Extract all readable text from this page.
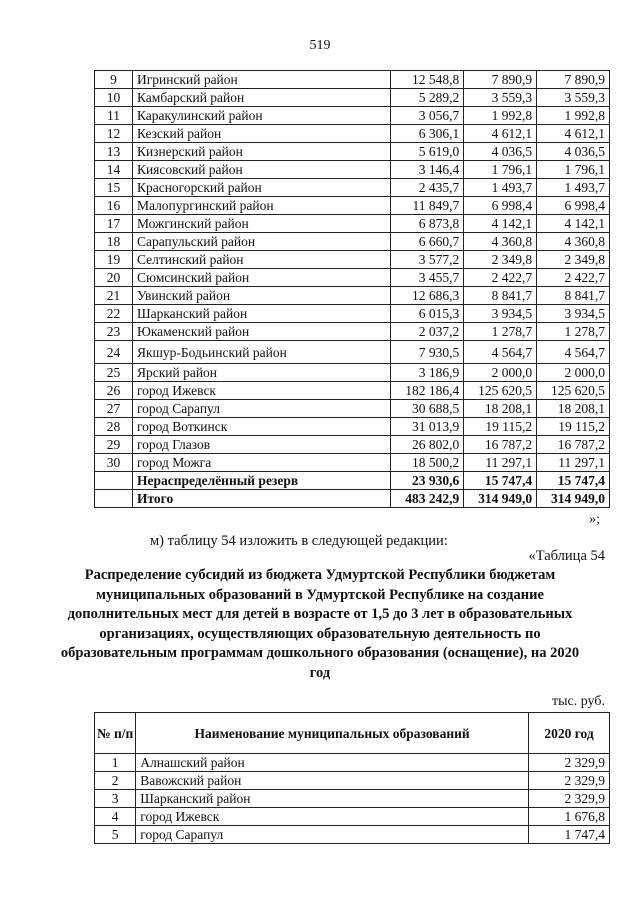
519
9	Игринский район	12 548,8	7 890,9	7 890,9
10	Камбарский район	5 289,2	3 559,3	3 559,3
11	Каракулинский район	3 056,7	1 992,8	1 992,8
12	Кезский район	6 306,1	4 612,1	4 612,1
13	Кизнерский район	5 619,0	4 036,5	4 036,5
14	Киясовский район	3 146,4	1 796,1	1 796,1
15	Красногорский район	2 435,7	1 493,7	1 493,7
16	Малопургинский район	11 849,7	6 998,4	6 998,4
17	Можгинский район	6 873,8	4 142,1	4 142,1
18	Сарапульский район	6 660,7	4 360,8	4 360,8
19	Селтинский район	3 577,2	2 349,8	2 349,8
20	Сюмсинский район	3 455,7	2 422,7	2 422,7
21	Увинский район	12 686,3	8 841,7	8 841,7
22	Шарканский район	6 015,3	3 934,5	3 934,5
23	Юкаменский район	2 037,2	1 278,7	1 278,7
24	Якшур-Бодьинский район	7 930,5	4 564,7	4 564,7
25	Ярский район	3 186,9	2 000,0	2 000,0
26	город Ижевск	182 186,4	125 620,5	125 620,5
27	город Сарапул	30 688,5	18 208,1	18 208,1
28	город Воткинск	31 013,9	19 115,2	19 115,2
29	город Глазов	26 802,0	16 787,2	16 787,2
30	город Можга	18 500,2	11 297,1	11 297,1
	Нераспределённый резерв	23 930,6	15 747,4	15 747,4
	Итого	483 242,9	314 949,0	314 949,0
»;
м) таблицу 54 изложить в следующей редакции:
«Таблица 54
Распределение субсидий из бюджета Удмуртской Республики бюджетам муниципальных образований в Удмуртской Республике на создание дополнительных мест для детей в возрасте от 1,5 до 3 лет в образовательных организациях, осуществляющих образовательную деятельность по образовательным программам дошкольного образования (оснащение), на 2020 год
тыс. руб.
№ п/п	Наименование муниципальных образований	2020 год
1	Алнашский район	2 329,9
2	Вавожский район	2 329,9
3	Шарканский район	2 329,9
4	город Ижевск	1 676,8
5	город Сарапул	1 747,4
